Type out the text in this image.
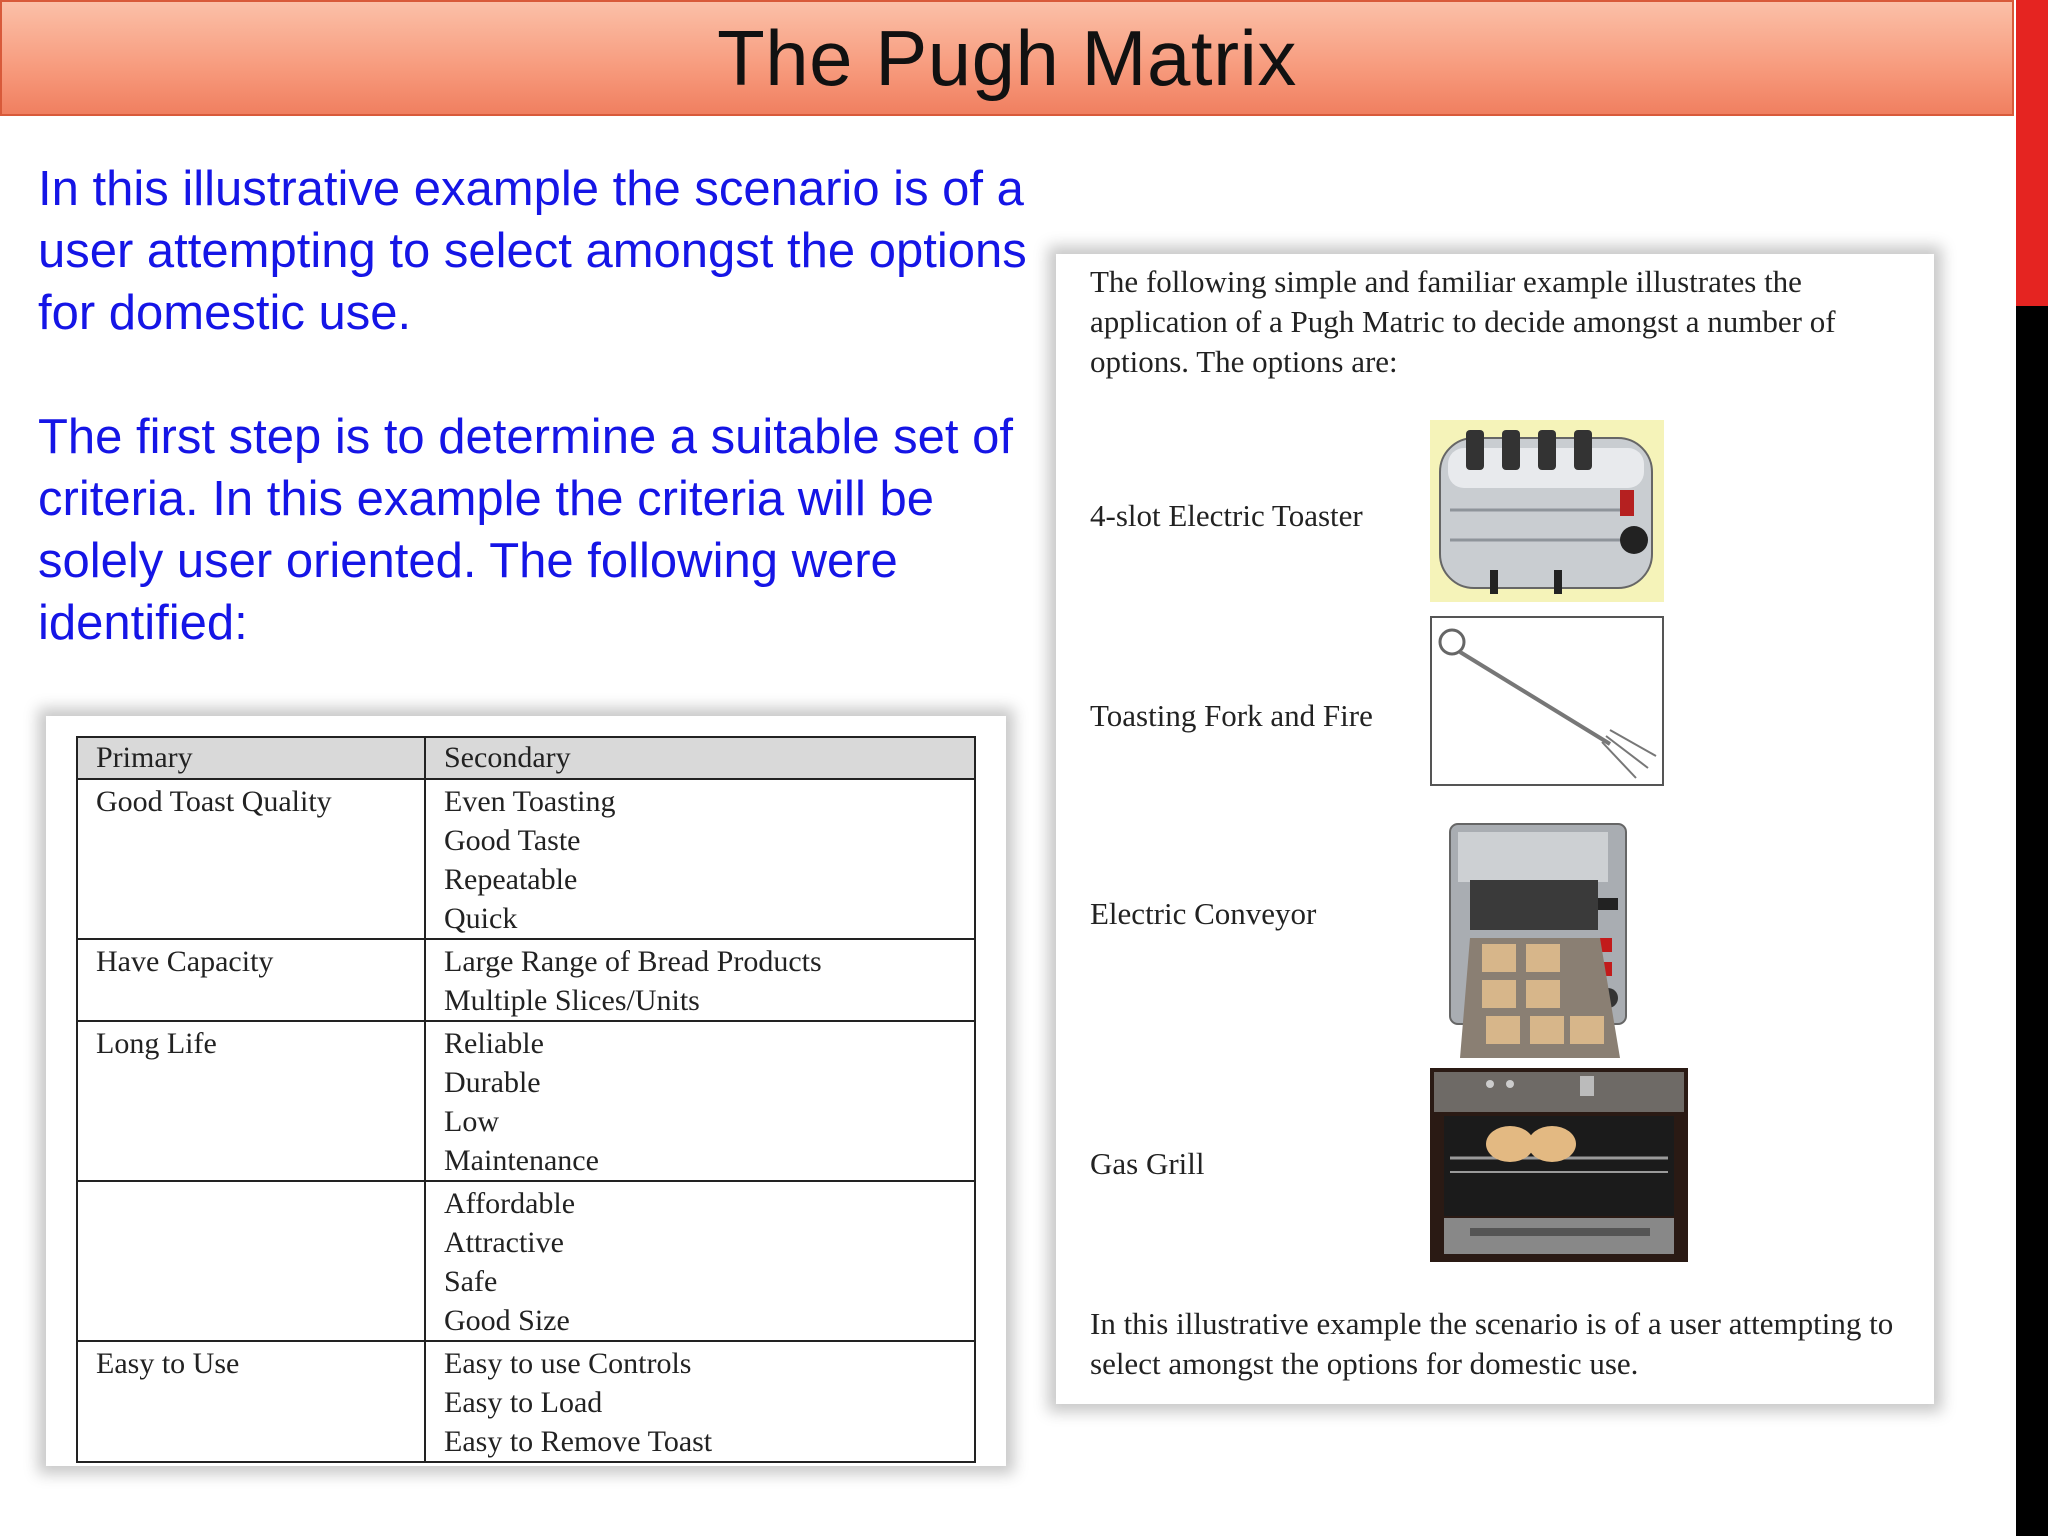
The Pugh Matrix

In this illustrative example the scenario is of a user attempting to select amongst the options for domestic use.

The first step is to determine a suitable set of criteria. In this example the criteria will be solely user oriented. The following were identified:

Primary	Secondary
Good Toast Quality	Even Toasting
Good Taste
Repeatable
Quick

Have Capacity	Large Range of Bread Products
Multiple Slices/Units

Long Life	Reliable
Durable
Low
Maintenance

	Affordable
Attractive
Safe
Good Size

Easy to Use	Easy to use Controls
Easy to Load
Easy to Remove Toast
The following simple and familiar example illustrates the application of a Pugh Matric to decide amongst a number of options. The options are:
4-slot Electric Toaster
Toasting Fork and Fire
Electric Conveyor
Gas Grill
In this illustrative example the scenario is of a user attempting to select amongst the options for domestic use.
